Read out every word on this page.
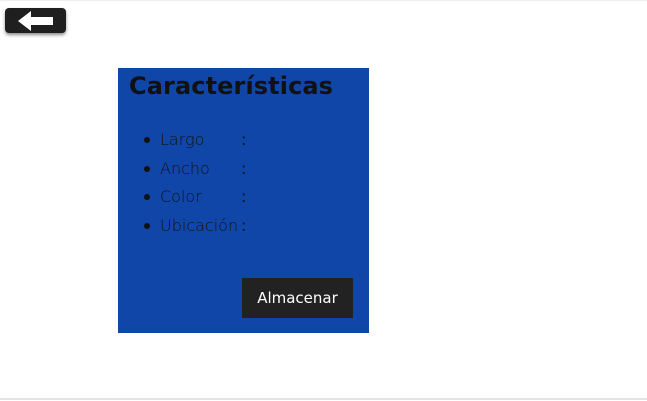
Características
Largo :
Ancho :
Color :
Ubicación :
Almacenar
